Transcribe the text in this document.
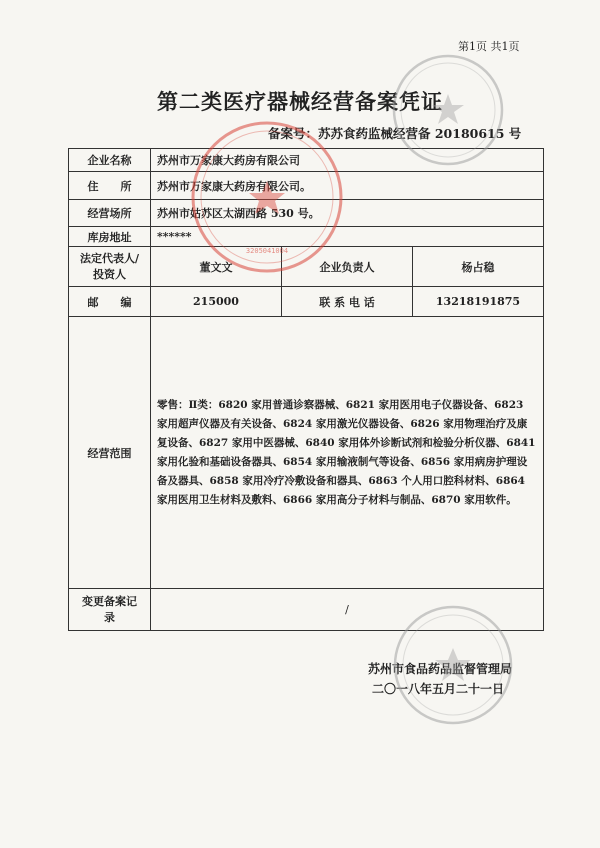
第1页 共1页
第二类医疗器械经营备案凭证
备案号：苏苏食药监械经营备 20180615 号
企业名称	苏州市万家康大药房有限公司		
住　　所	苏州市万家康大药房有限公司。		
经营场所	苏州市姑苏区太湖西路 530 号。		
库房地址	******		
法定代表人/投资人	董文文	企业负责人	杨占稳
邮　　编	215000	联 系 电 话	13218191875
经营范围	零售：Ⅱ类：6820 家用普通诊察器械、6821 家用医用电子仪器设备、6823 家用超声仪器及有关设备、6824 家用激光仪器设备、6826 家用物理治疗及康复设备、6827 家用中医器械、6840 家用体外诊断试剂和检验分析仪器、6841 家用化验和基础设备器具、6854 家用输液制气等设备、6856 家用病房护理设备及器具、6858 家用冷疗冷敷设备和器具、6863 个人用口腔科材料、6864 家用医用卫生材料及敷料、6866 家用高分子材料与制品、6870 家用软件。		
变更备案记　录	/		
苏州市食品药品监督管理局
二〇一八年五月二十一日
3205041004
